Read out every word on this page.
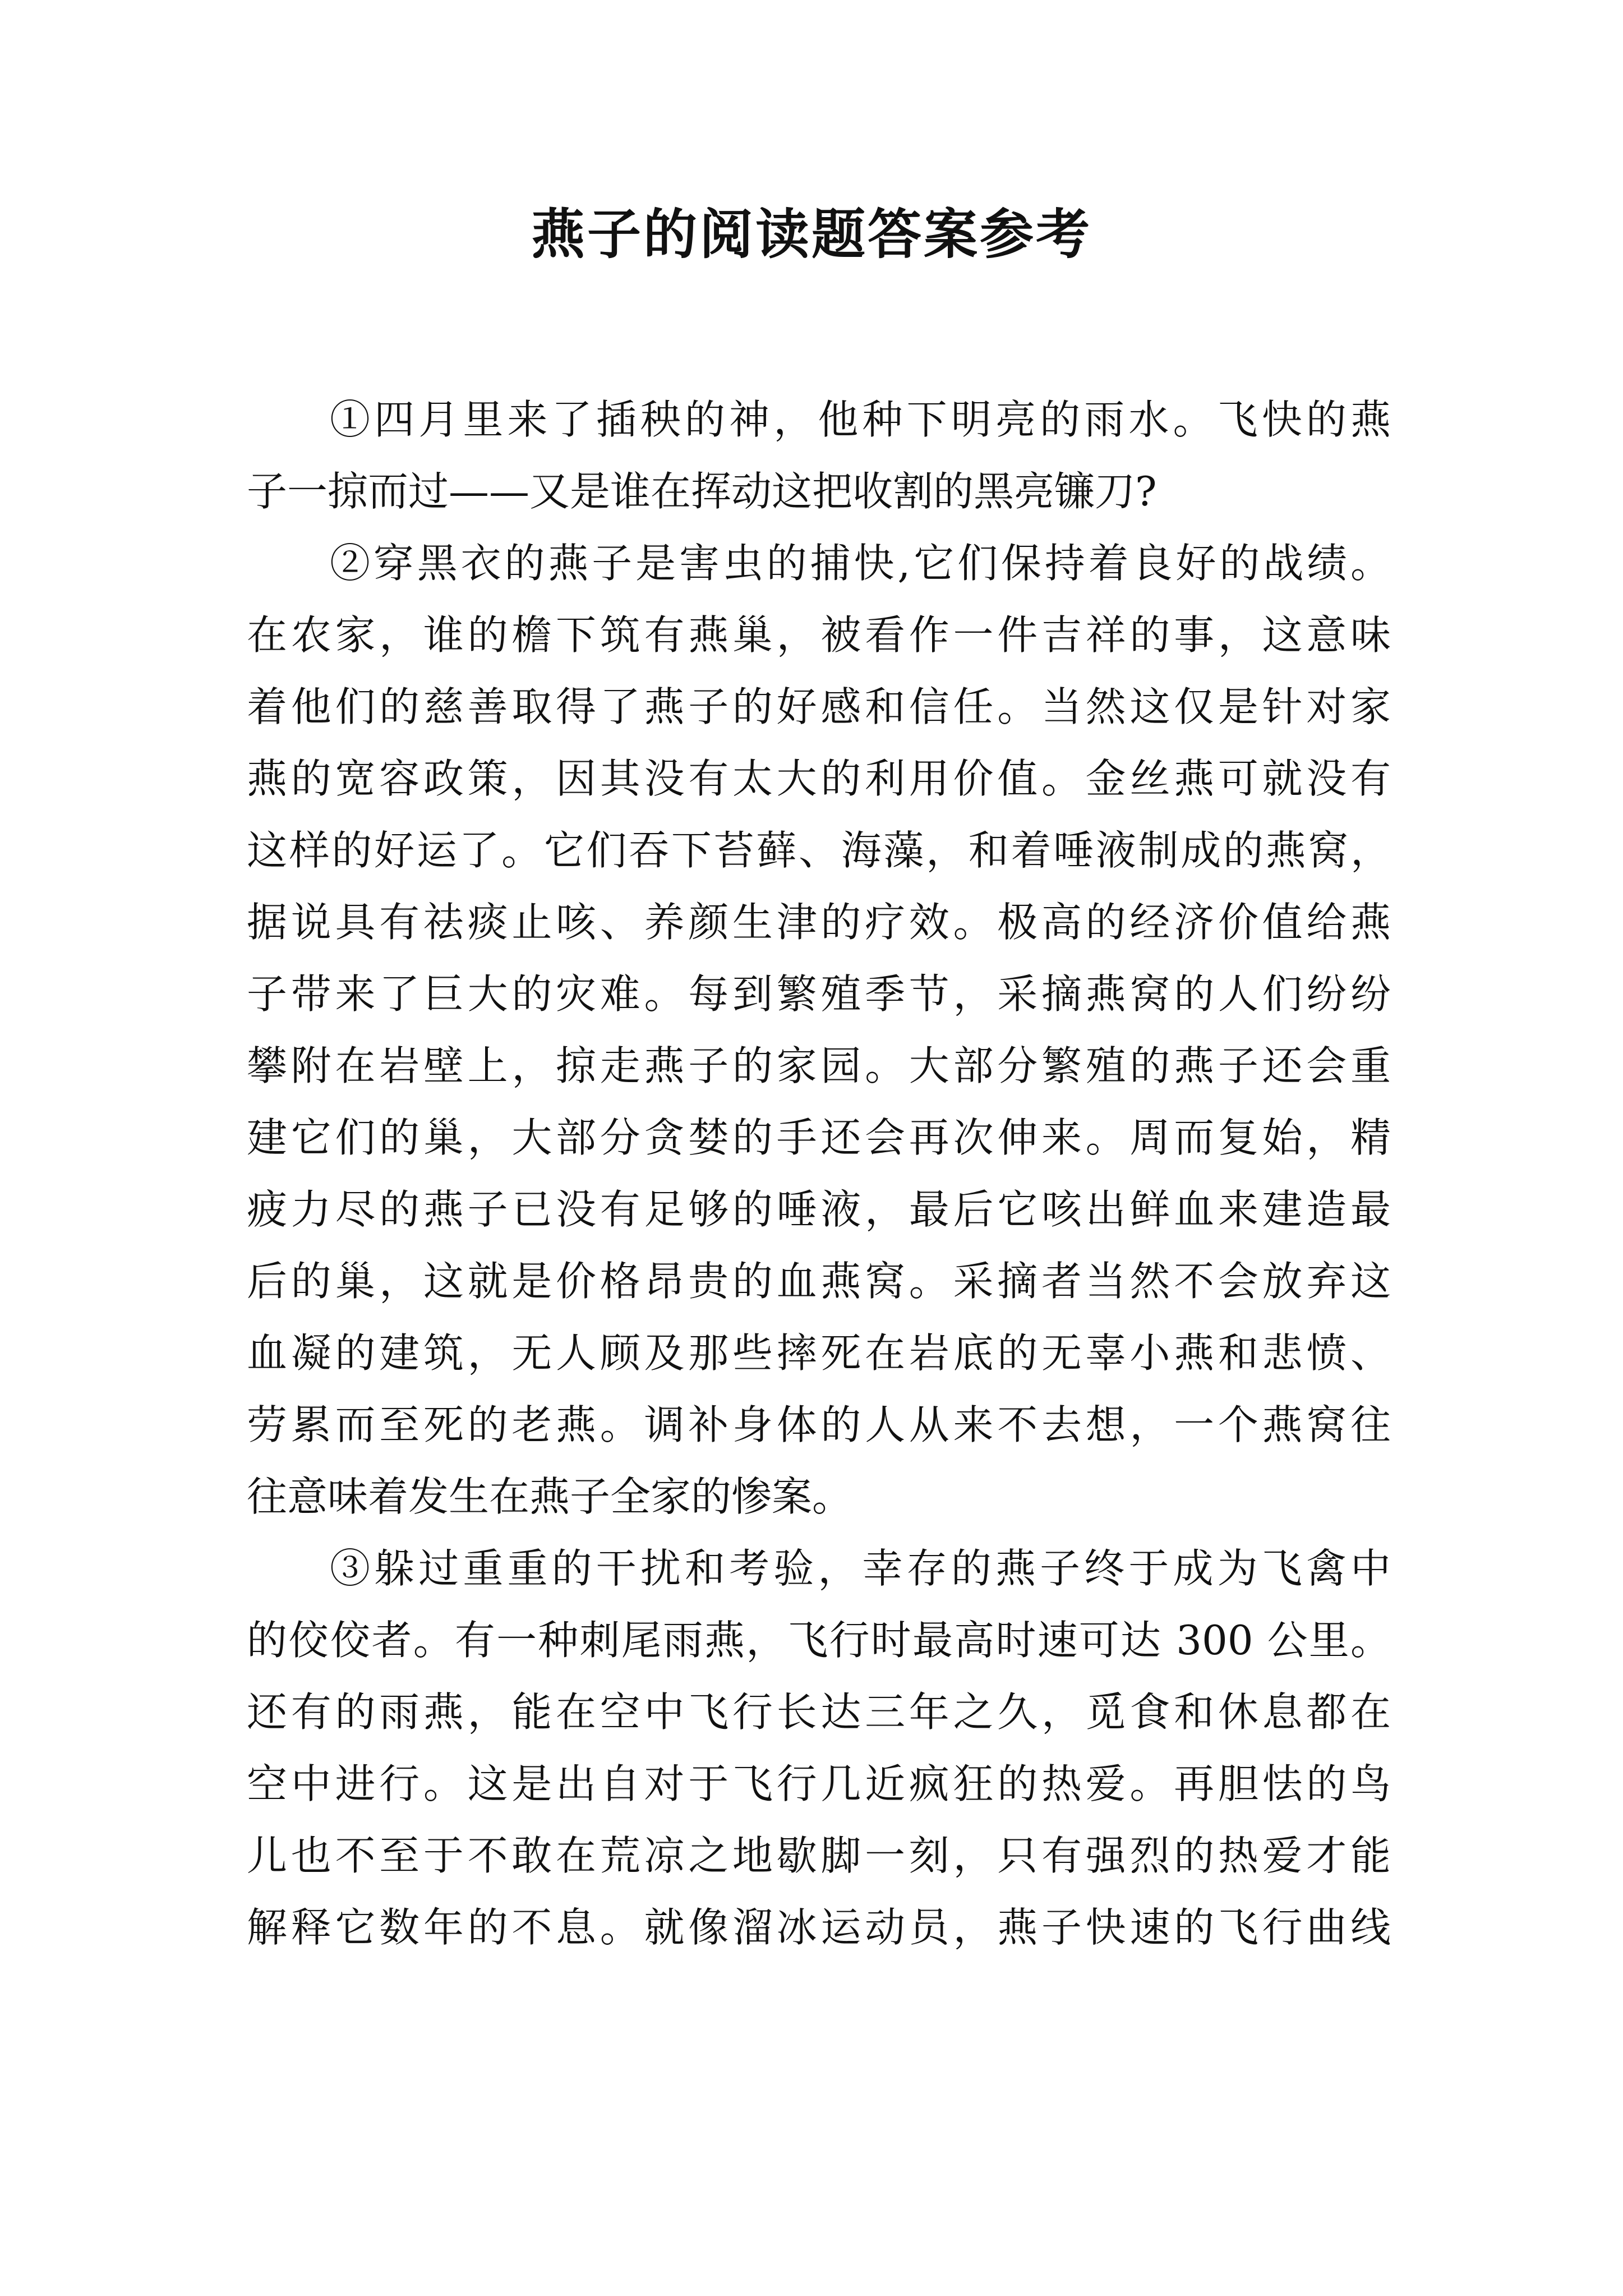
燕子的阅读题答案参考
①四月里来了插秧的神，他种下明亮的雨水。飞快的燕
子一掠而过——又是谁在挥动这把收割的黑亮镰刀?
②穿黑衣的燕子是害虫的捕快,它们保持着良好的战绩。
在农家，谁的檐下筑有燕巢，被看作一件吉祥的事，这意味
着他们的慈善取得了燕子的好感和信任。当然这仅是针对家
燕的宽容政策，因其没有太大的利用价值。金丝燕可就没有
这样的好运了。它们吞下苔藓、海藻，和着唾液制成的燕窝，
据说具有祛痰止咳、养颜生津的疗效。极高的经济价值给燕
子带来了巨大的灾难。每到繁殖季节，采摘燕窝的人们纷纷
攀附在岩壁上，掠走燕子的家园。大部分繁殖的燕子还会重
建它们的巢，大部分贪婪的手还会再次伸来。周而复始，精
疲力尽的燕子已没有足够的唾液，最后它咳出鲜血来建造最
后的巢，这就是价格昂贵的血燕窝。采摘者当然不会放弃这
血凝的建筑，无人顾及那些摔死在岩底的无辜小燕和悲愤、
劳累而至死的老燕。调补身体的人从来不去想，一个燕窝往
往意味着发生在燕子全家的惨案。
③躲过重重的干扰和考验，幸存的燕子终于成为飞禽中
的佼佼者。有一种刺尾雨燕，飞行时最高时速可达 300 公里。
还有的雨燕，能在空中飞行长达三年之久，觅食和休息都在
空中进行。这是出自对于飞行几近疯狂的热爱。再胆怯的鸟
儿也不至于不敢在荒凉之地歇脚一刻，只有强烈的热爱才能
解释它数年的不息。就像溜冰运动员，燕子快速的飞行曲线
